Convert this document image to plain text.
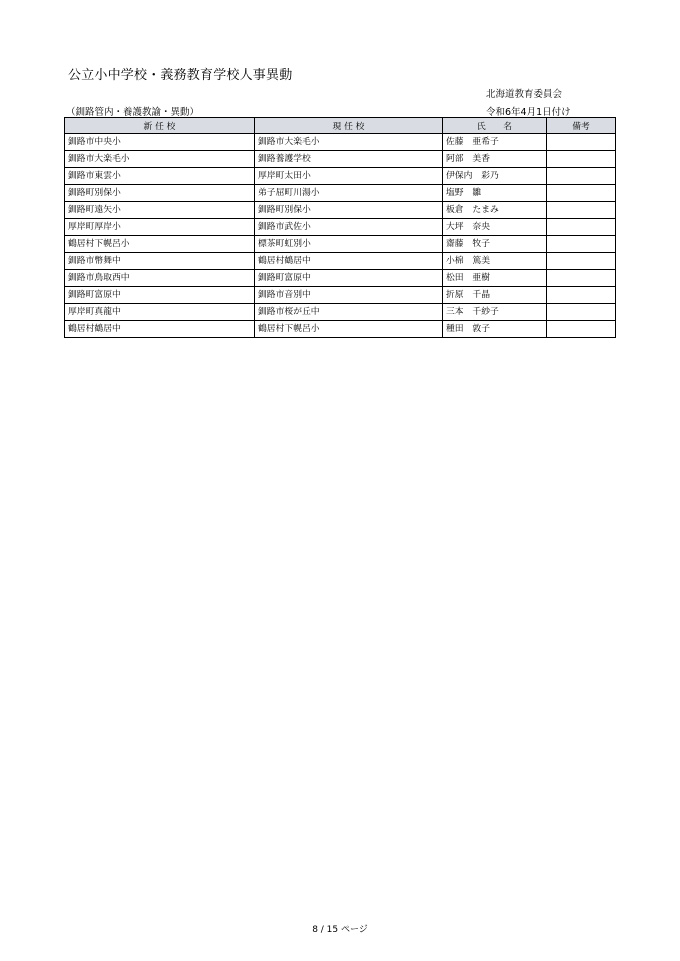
公立小中学校・義務教育学校人事異動
北海道教育委員会
（釧路管内・養護教諭・異動）	令和6年4月1日付け
新 任 校	現 任 校	氏　　名	備考
釧路市中央小	釧路市大楽毛小	佐藤　亜希子	
釧路市大楽毛小	釧路養護学校	阿部　美香	
釧路市東雲小	厚岸町太田小	伊保内　彩乃	
釧路町別保小	弟子屈町川湯小	塩野　雛	
釧路町遠矢小	釧路町別保小	板倉　たまみ	
厚岸町厚岸小	釧路市武佐小	大坪　奈央	
鶴居村下幌呂小	標茶町虹別小	齋藤　牧子	
釧路市幣舞中	鶴居村鶴居中	小棉　篤美	
釧路市鳥取西中	釧路町富原中	松田　亜樹	
釧路町富原中	釧路市音別中	折原　千晶	
厚岸町真龍中	釧路市桜が丘中	三本　千紗子	
鶴居村鶴居中	鶴居村下幌呂小	種田　敦子	
8 / 15 ページ
